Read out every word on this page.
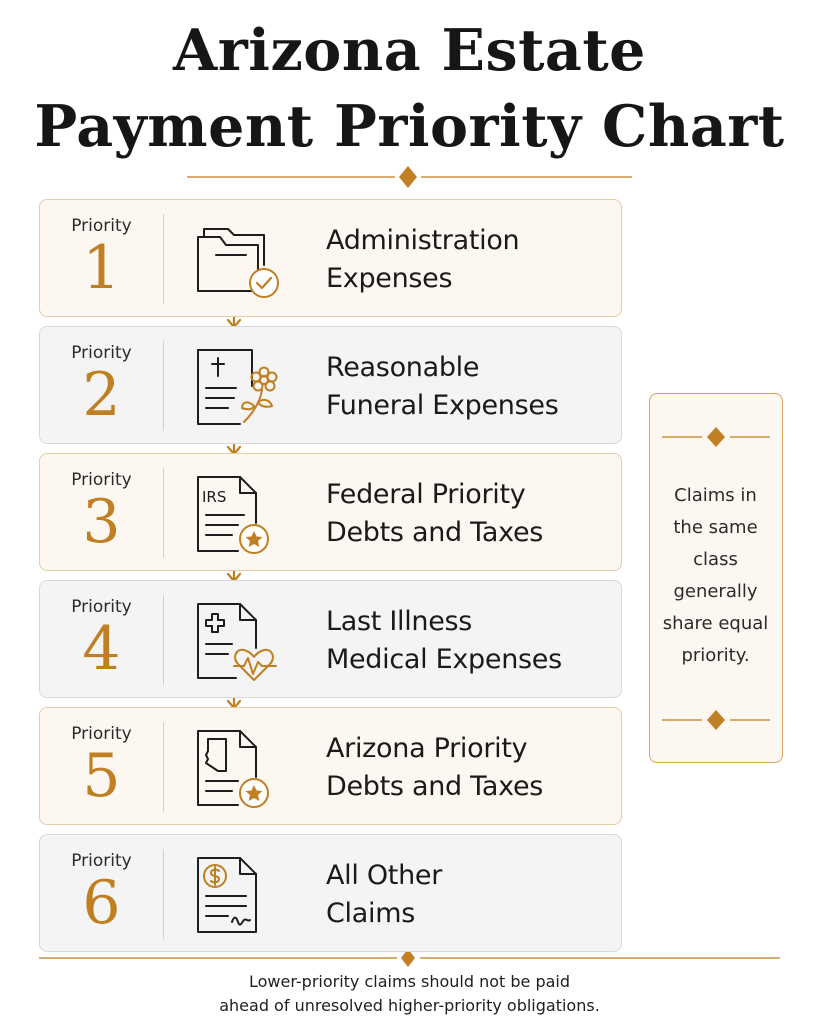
Arizona Estate
Payment Priority Chart
Priority
1	Administration
Expenses
Priority
2	Reasonable
Funeral Expenses
Priority
3	IRS	Federal Priority
Debts and Taxes
Priority
4	Last Illness
Medical Expenses
Priority
5	Arizona Priority
Debts and Taxes
Priority
6	All Other
Claims
Claims in
the same
class
generally
share equal
priority.
Lower-priority claims should not be paid
ahead of unresolved higher-priority obligations.
